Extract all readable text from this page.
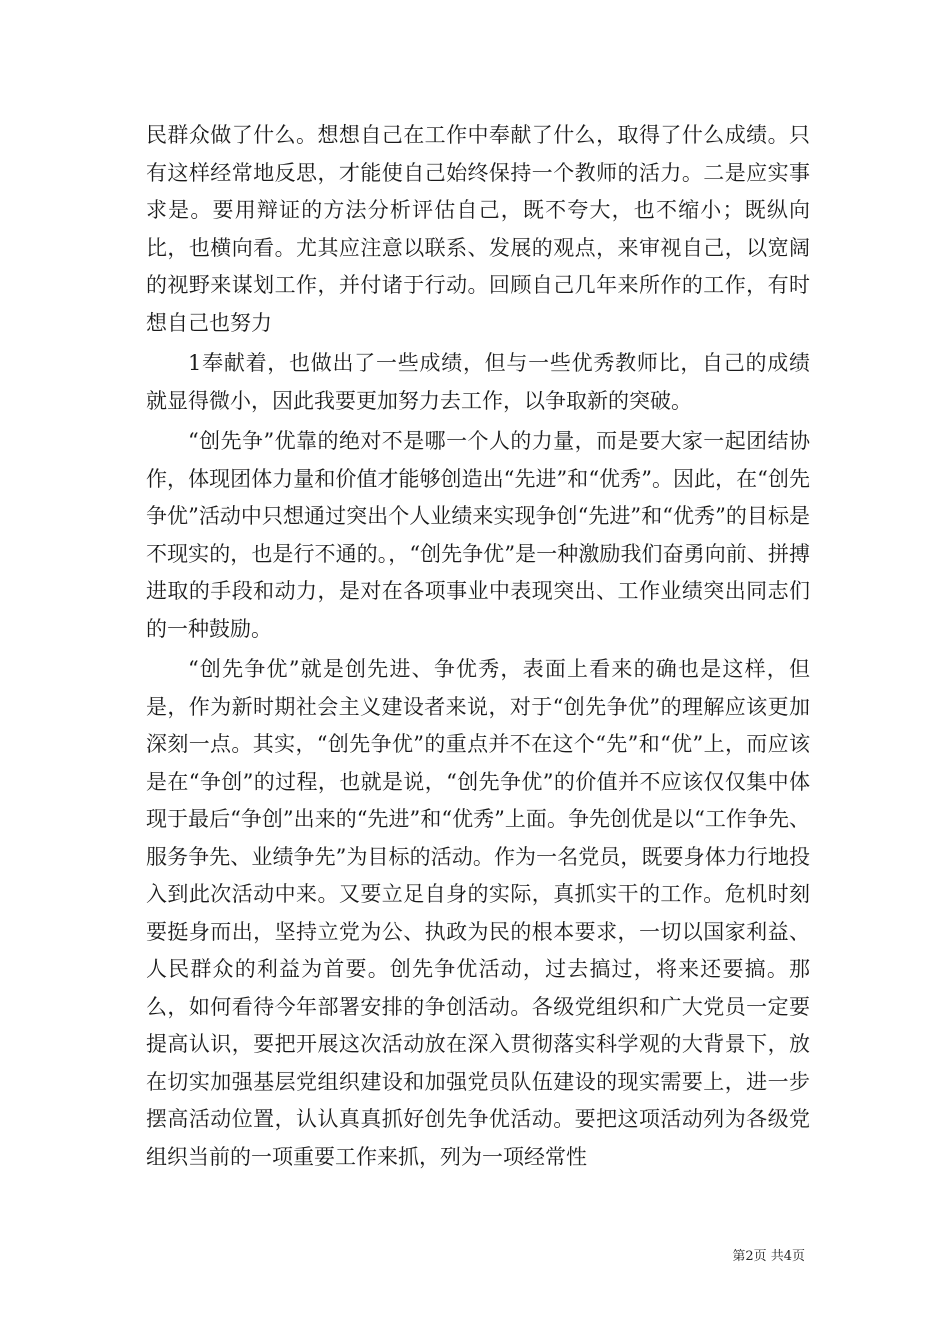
民群众做了什么。想想自己在工作中奉献了什么，取得了什么成绩。只有这样经常地反思，才能使自己始终保持一个教师的活力。二是应实事求是。要用辩证的方法分析评估自己，既不夸大，也不缩小；既纵向比，也横向看。尤其应注意以联系、发展的观点，来审视自己，以宽阔的视野来谋划工作，并付诸于行动。回顾自己几年来所作的工作，有时想自己也努力

1奉献着，也做出了一些成绩，但与一些优秀教师比，自己的成绩就显得微小，因此我要更加努力去工作，以争取新的突破。

“创先争”优靠的绝对不是哪一个人的力量，而是要大家一起团结协作，体现团体力量和价值才能够创造出“先进”和“优秀”。因此，在“创先争优”活动中只想通过突出个人业绩来实现争创“先进”和“优秀”的目标是不现实的，也是行不通的。，“创先争优”是一种激励我们奋勇向前、拼搏进取的手段和动力，是对在各项事业中表现突出、工作业绩突出同志们的一种鼓励。

“创先争优”就是创先进、争优秀，表面上看来的确也是这样，但是，作为新时期社会主义建设者来说，对于“创先争优”的理解应该更加深刻一点。其实，“创先争优”的重点并不在这个“先”和“优”上，而应该是在“争创”的过程，也就是说，“创先争优”的价值并不应该仅仅集中体现于最后“争创”出来的“先进”和“优秀”上面。争先创优是以“工作争先、服务争先、业绩争先”为目标的活动。作为一名党员，既要身体力行地投入到此次活动中来。又要立足自身的实际，真抓实干的工作。危机时刻要挺身而出，坚持立党为公、执政为民的根本要求，一切以国家利益、人民群众的利益为首要。创先争优活动，过去搞过，将来还要搞。那么，如何看待今年部署安排的争创活动。各级党组织和广大党员一定要提高认识，要把开展这次活动放在深入贯彻落实科学观的大背景下，放在切实加强基层党组织建设和加强党员队伍建设的现实需要上，进一步摆高活动位置，认认真真抓好创先争优活动。要把这项活动列为各级党组织当前的一项重要工作来抓，列为一项经常性

第2页 共4页
